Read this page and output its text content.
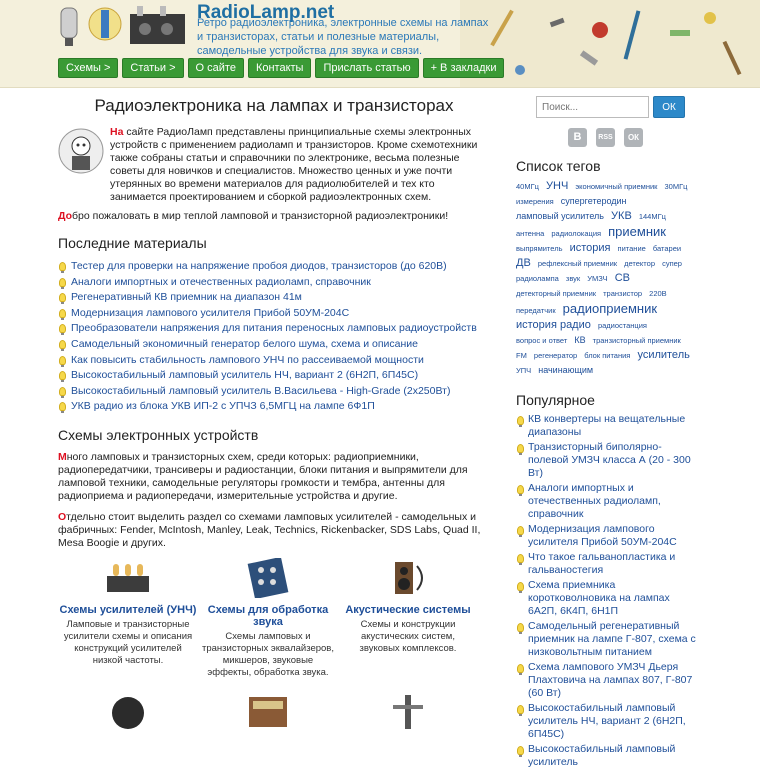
RadioLamp.net
Ретро радиоэлектроника, электронные схемы на лампах и транзисторах, статьи и полезные материалы, самодельные устройства для звука и связи.
Схемы >	Статьи >	О сайте	Контакты	Прислать статью	+ В закладки
Радиоэлектроника на лампах и транзисторах
На сайте РадиоЛамп представлены принципиальные схемы электронных устройств с применением радиоламп и транзисторов. Кроме схемотехники также собраны статьи и справочники по электронике, весьма полезные советы для новичков и специалистов. Множество ценных и уже почти утерянных во времени материалов для радиолюбителей и тех кто занимается проектированием и сборкой радиоэлектронных схем.
Добро пожаловать в мир теплой ламповой и транзисторной радиоэлектроники!
Последние материалы
Тестер для проверки на напряжение пробоя диодов, транзисторов (до 620В)
Аналоги импортных и отечественных радиоламп, справочник
Регенеративный КВ приемник на диапазон 41м
Модернизация лампового усилителя Прибой 50УМ-204С
Преобразователи напряжения для питания переносных ламповых радиоустройств
Самодельный экономичный генератор белого шума, схема и описание
Как повысить стабильность лампового УНЧ по рассеиваемой мощности
Высокостабильный ламповый усилитель НЧ, вариант 2 (6Н2П, 6П45С)
Высокостабильный ламповый усилитель В.Васильева - High-Grade (2х250Вт)
УКВ радио из блока УКВ ИП-2 с УПЧЗ 6,5МГЦ на лампе 6Ф1П
Схемы электронных устройств
Много ламповых и транзисторных схем, среди которых: радиоприемники, радиопередатчики, трансиверы и радиостанции, блоки питания и выпрямители для ламповой техники, самодельные регуляторы громкости и тембра, антенны для радиоприема и радиопередачи, измерительные устройства и другие.
Отдельно стоит выделить раздел со схемами ламповых усилителей - самодельных и фабричных: Fender, McIntosh, Manley, Leak, Technics, Rickenbacker, SDS Labs, Quad II, Mesa Boogie и других.
Схемы усилителей (УНЧ)
Ламповые и транзисторные усилители схемы и описания конструкций усилителей низкой частоты.
Схемы для обработка звука
Схемы ламповых и транзисторных эквалайзеров, микшеров, звуковые эффекты, обработка звука.
Акустические системы
Схемы и конструкции акустических систем, звуковых комплексов.
Поиск...
ОК
В	RSS	ОК
Список тегов
40МГц УНЧ экономичный приемник 30МГц измерения супергетеродин ламповый усилитель УКВ 144МГц антенна радиолокация приемник выпрямитель история питание батареи ДВ рефлексный приемник детектор супер радиолампа звук УМЗЧ СВ детекторный приемник транзистор 220В передатчик радиоприемник история радио радиостанция вопрос и ответ КВ транзисторный приемник FM регенератор блок питания усилитель УПЧ начинающим
Популярное
КВ конвертеры на вещательные диапазоны
Транзисторный биполярно-полевой УМЗЧ класса А (20 - 300 Вт)
Аналоги импортных и отечественных радиоламп, справочник
Модернизация лампового усилителя Прибой 50УМ-204С
Что такое гальванопластика и гальваностегия
Схема приемника коротковолновика на лампах 6А2П, 6К4П, 6Н1П
Самодельный регенеративный приемник на лампе Г-807, схема с низковольтным питанием
Схема лампового УМЗЧ Дьеря Плахтовича на лампах 807, Г-807 (60 Вт)
Высокостабильный ламповый усилитель НЧ, вариант 2 (6Н2П, 6П45С)
Высокостабильный ламповый усилитель
